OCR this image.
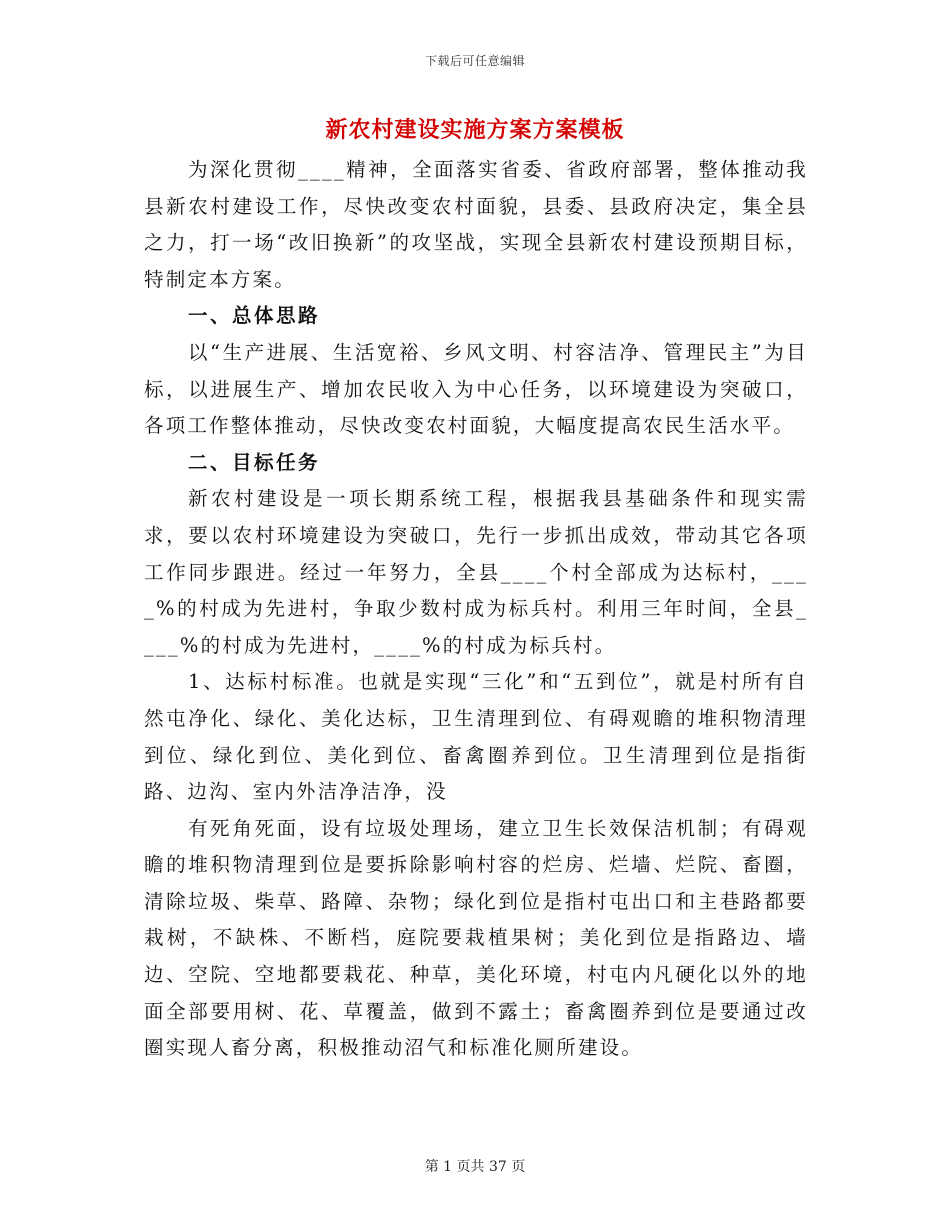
下载后可任意编辑
新农村建设实施方案方案模板

为深化贯彻____精神，全面落实省委、省政府部署，整体推动我县新农村建设工作，尽快改变农村面貌，县委、县政府决定，集全县之力，打一场“改旧换新”的攻坚战，实现全县新农村建设预期目标，特制定本方案。

一、总体思路

以“生产进展、生活宽裕、乡风文明、村容洁净、管理民主”为目标，以进展生产、增加农民收入为中心任务，以环境建设为突破口，各项工作整体推动，尽快改变农村面貌，大幅度提高农民生活水平。

二、目标任务

新农村建设是一项长期系统工程，根据我县基础条件和现实需求，要以农村环境建设为突破口，先行一步抓出成效，带动其它各项工作同步跟进。经过一年努力，全县____个村全部成为达标村，____%的村成为先进村，争取少数村成为标兵村。利用三年时间，全县____%的村成为先进村，____%的村成为标兵村。

1、达标村标准。也就是实现“三化”和“五到位”，就是村所有自然屯净化、绿化、美化达标，卫生清理到位、有碍观瞻的堆积物清理到位、绿化到位、美化到位、畜禽圈养到位。卫生清理到位是指街路、边沟、室内外洁净洁净，没

有死角死面，设有垃圾处理场，建立卫生长效保洁机制；有碍观瞻的堆积物清理到位是要拆除影响村容的烂房、烂墙、烂院、畜圈，清除垃圾、柴草、路障、杂物；绿化到位是指村屯出口和主巷路都要栽树，不缺株、不断档，庭院要栽植果树；美化到位是指路边、墙边、空院、空地都要栽花、种草，美化环境，村屯内凡硬化以外的地面全部要用树、花、草覆盖，做到不露土；畜禽圈养到位是要通过改圈实现人畜分离，积极推动沼气和标准化厕所建设。

第 1 页共 37 页
